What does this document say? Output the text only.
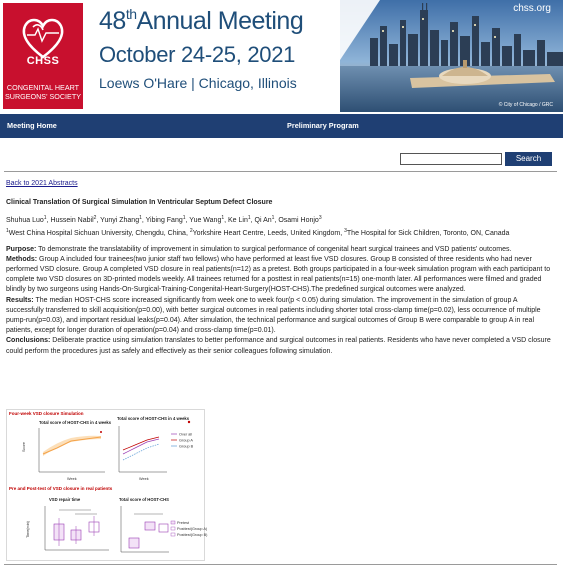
CHSS
CONGENITAL HEART
SURGEONS' SOCIETY
48thAnnual Meeting
October 24-25, 2021
Loews O'Hare | Chicago, Illinois
chss.org
© City of Chicago / GRC
Meeting Home	Preliminary Program
Search
Back to 2021 Abstracts
Clinical Translation Of Surgical Simulation In Ventricular Septum Defect Closure
Shuhua Luo$^1$, Hussein Nabil$^2$, Yunyi Zhang$^1$, Yibing Fang$^1$, Yue Wang$^1$, Ke Lin$^1$, Qi An$^1$, Osami Honjo$^3$
$^1$West China Hospital Sichuan University, Chengdu, China, $^2$Yorkshire Heart Centre, Leeds, United Kingdom, $^3$The Hospital for Sick Children, Toronto, ON, Canada
Purpose: To demonstrate the translatability of improvement in simulation to surgical performance of congenital heart surgical trainees and VSD patients' outcomes.
Methods: Group A included four trainees(two junior staff two fellows) who have performed at least five VSD closures. Group B consisted of three residents who had never performed VSD closure. Group A completed VSD closure in real patients(n=12) as a pretest. Both groups participated in a four-week simulation program with each participant to complete two VSD closures on 3D-printed models weekly. All trainees returned for a posttest in real patients(n=15) one-month later. All performances were filmed and graded blindly by two surgeons using Hands-On-Surgical-Training-Congenital-Heart-Surgery(HOST-CHS).The predefined surgical outcomes were analyzed.
Results: The median HOST-CHS score increased significantly from week one to week four(p < 0.05) during simulation. The improvement in the simulation of group A successfully transferred to skill acquisition(p=0.00), with better surgical outcomes in real patients including shorter total cross-clamp time(p=0.02), less occurrence of multiple pump-run(p=0.03), and important residual leaks(p=0.04). After simulation, the technical performance and surgical outcomes of Group B were comparable to group A in real patients, except for longer duration of operation(p=0.04) and cross-clamp time(p=0.01).
Conclusions: Deliberate practice using simulation translates to better performance and surgical outcomes in real patients. Residents who have never completed a VSD closure could perform the procedures just as safely and effectively as their senior colleagues following simulation.
Four-week VSD closure Simulation
Pre and Post-test of VSD closure in real patients
Total score of HOST-CHS in 4 weeks
Score
Week
Total score of HOST-CHS in 4 weeks
Week
Over all
Group A
Group B
VSD repair time
Time(min)
Total score of HOST-CHS
Pretest
Posttest(Group A)
Posttest(Group B)
